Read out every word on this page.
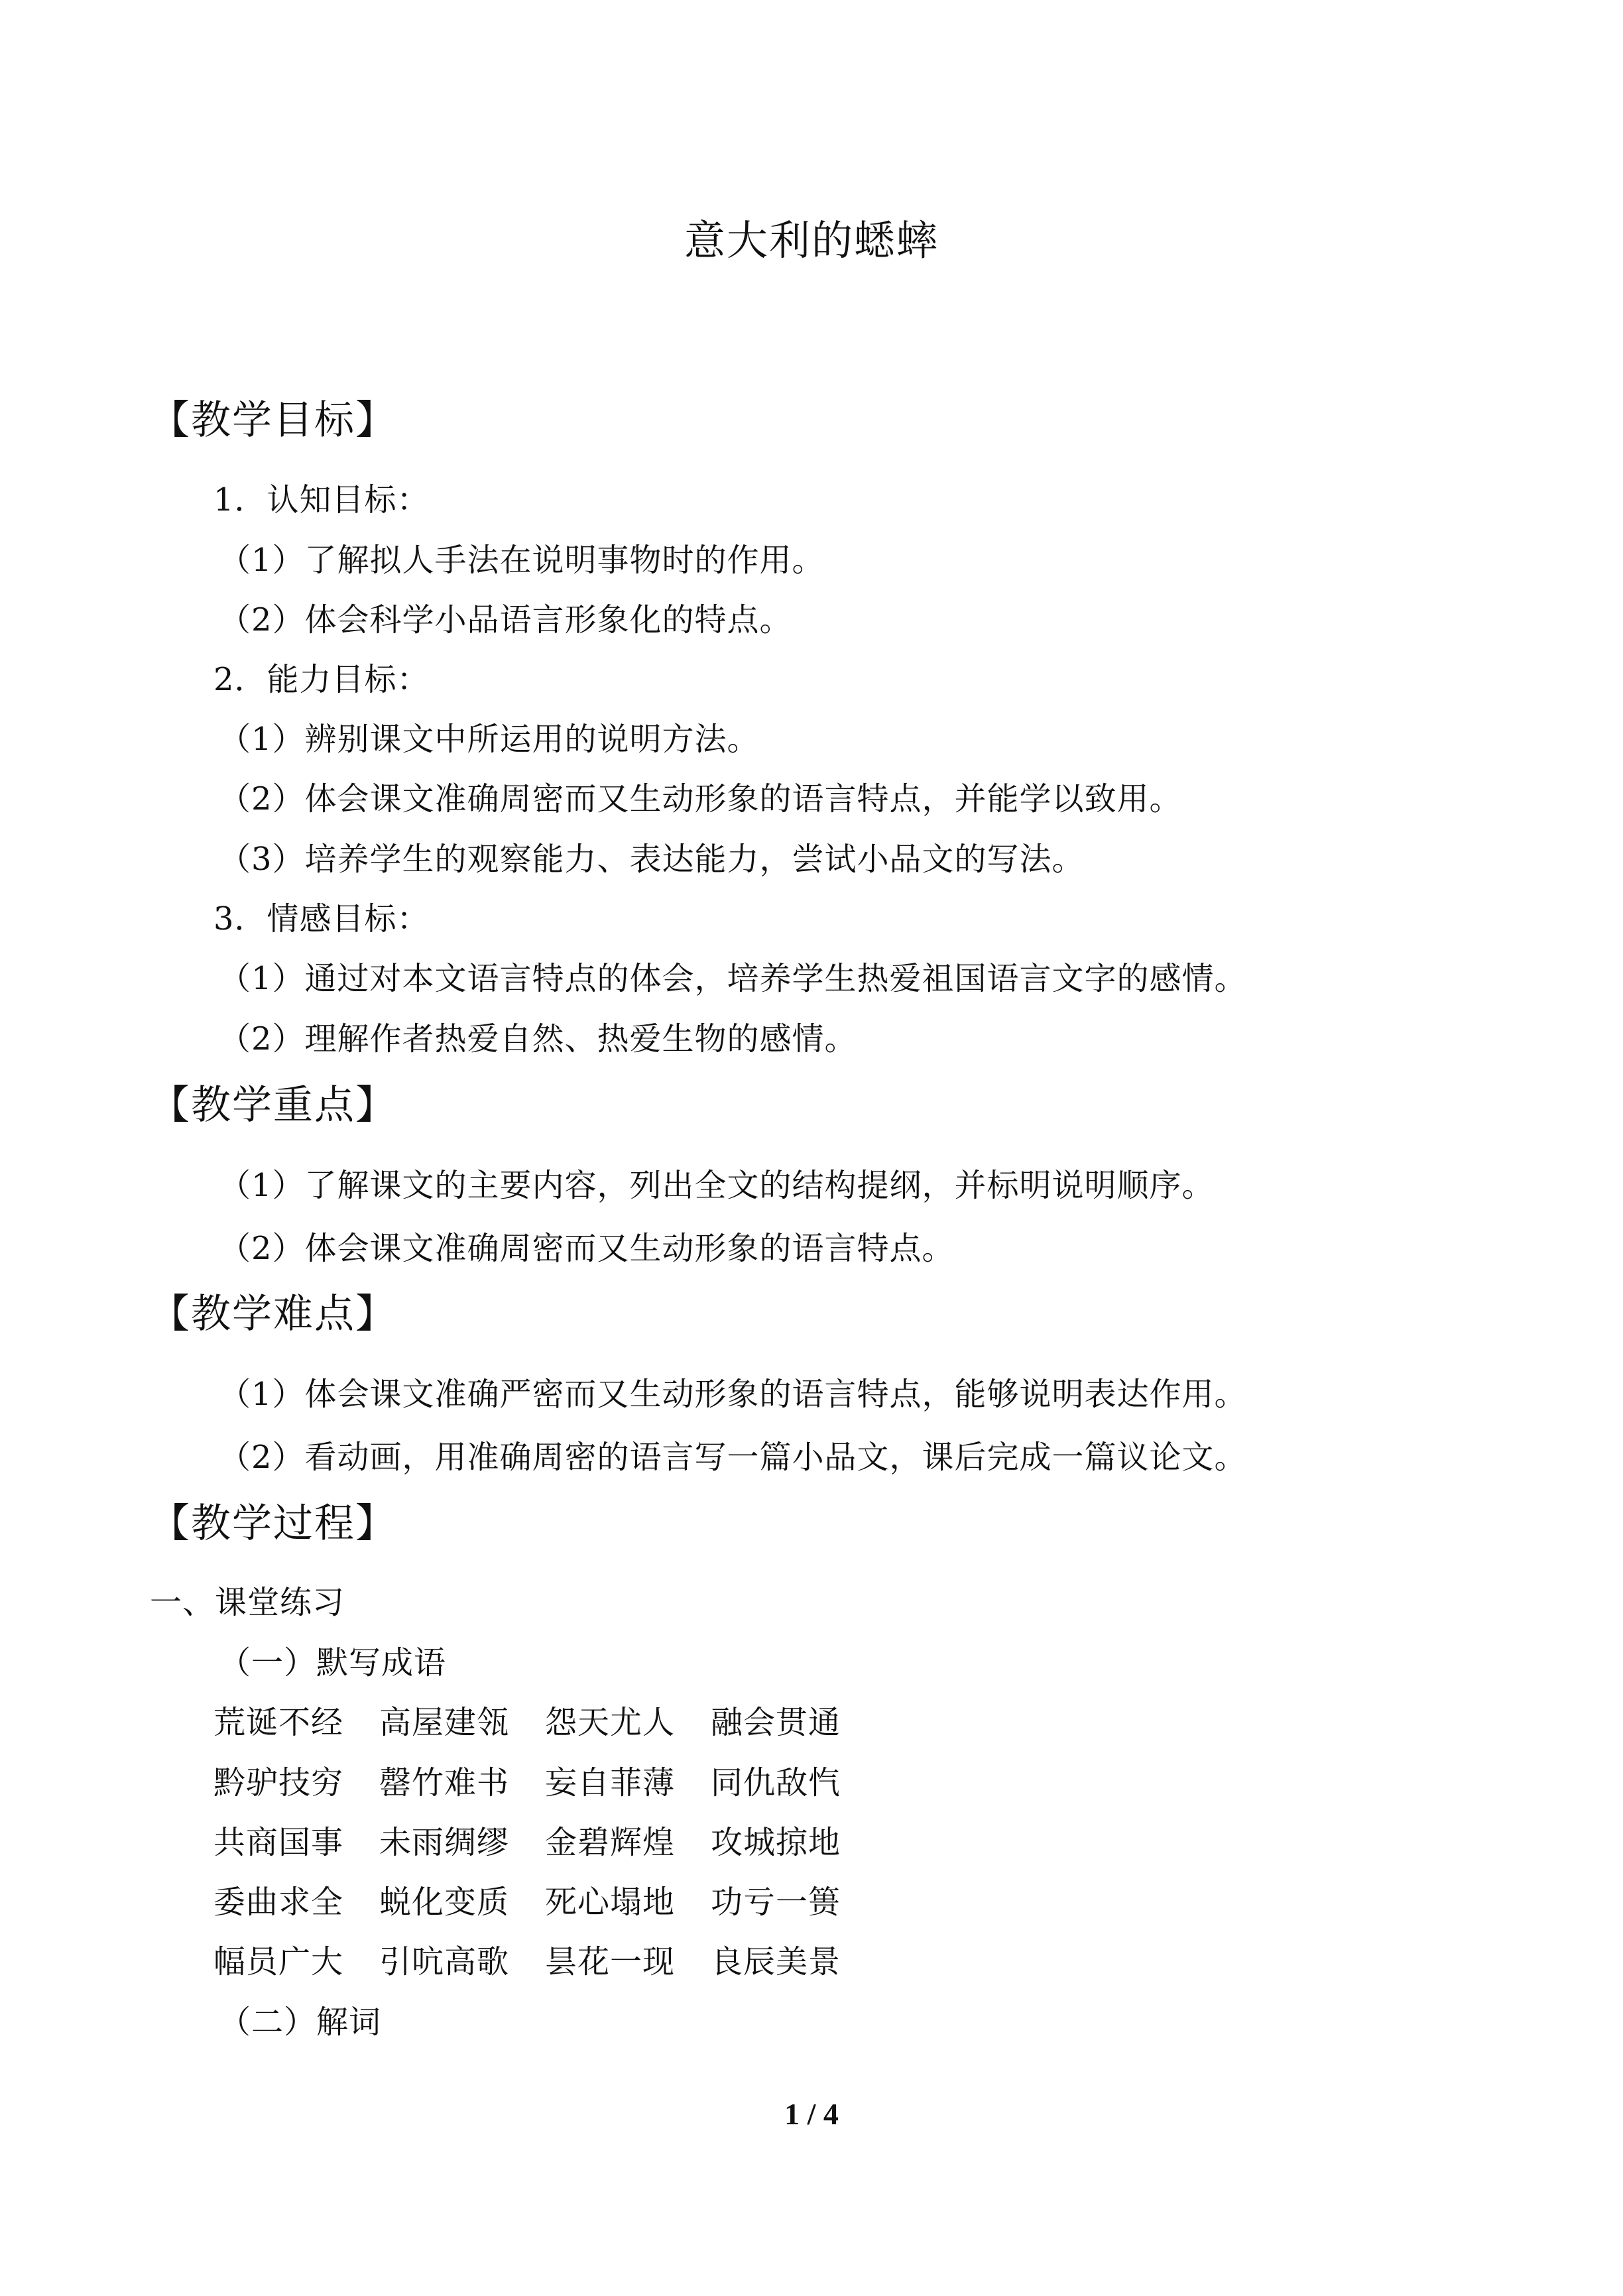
意大利的蟋蟀
【教学目标】
1．认知目标：
（1）了解拟人手法在说明事物时的作用。
（2）体会科学小品语言形象化的特点。
2．能力目标：
（1）辨别课文中所运用的说明方法。
（2）体会课文准确周密而又生动形象的语言特点，并能学以致用。
（3）培养学生的观察能力、表达能力，尝试小品文的写法。
3．情感目标：
（1）通过对本文语言特点的体会，培养学生热爱祖国语言文字的感情。
（2）理解作者热爱自然、热爱生物的感情。
【教学重点】
（1）了解课文的主要内容，列出全文的结构提纲，并标明说明顺序。
（2）体会课文准确周密而又生动形象的语言特点。
【教学难点】
（1）体会课文准确严密而又生动形象的语言特点，能够说明表达作用。
（2）看动画，用准确周密的语言写一篇小品文，课后完成一篇议论文。
【教学过程】
一、课堂练习
（一）默写成语
荒诞不经	高屋建瓴	怨天尤人	融会贯通
黔驴技穷	罄竹难书	妄自菲薄	同仇敌忾
共商国事	未雨绸缪	金碧辉煌	攻城掠地
委曲求全	蜕化变质	死心塌地	功亏一篑
幅员广大	引吭高歌	昙花一现	良辰美景
（二）解词
1 / 4
